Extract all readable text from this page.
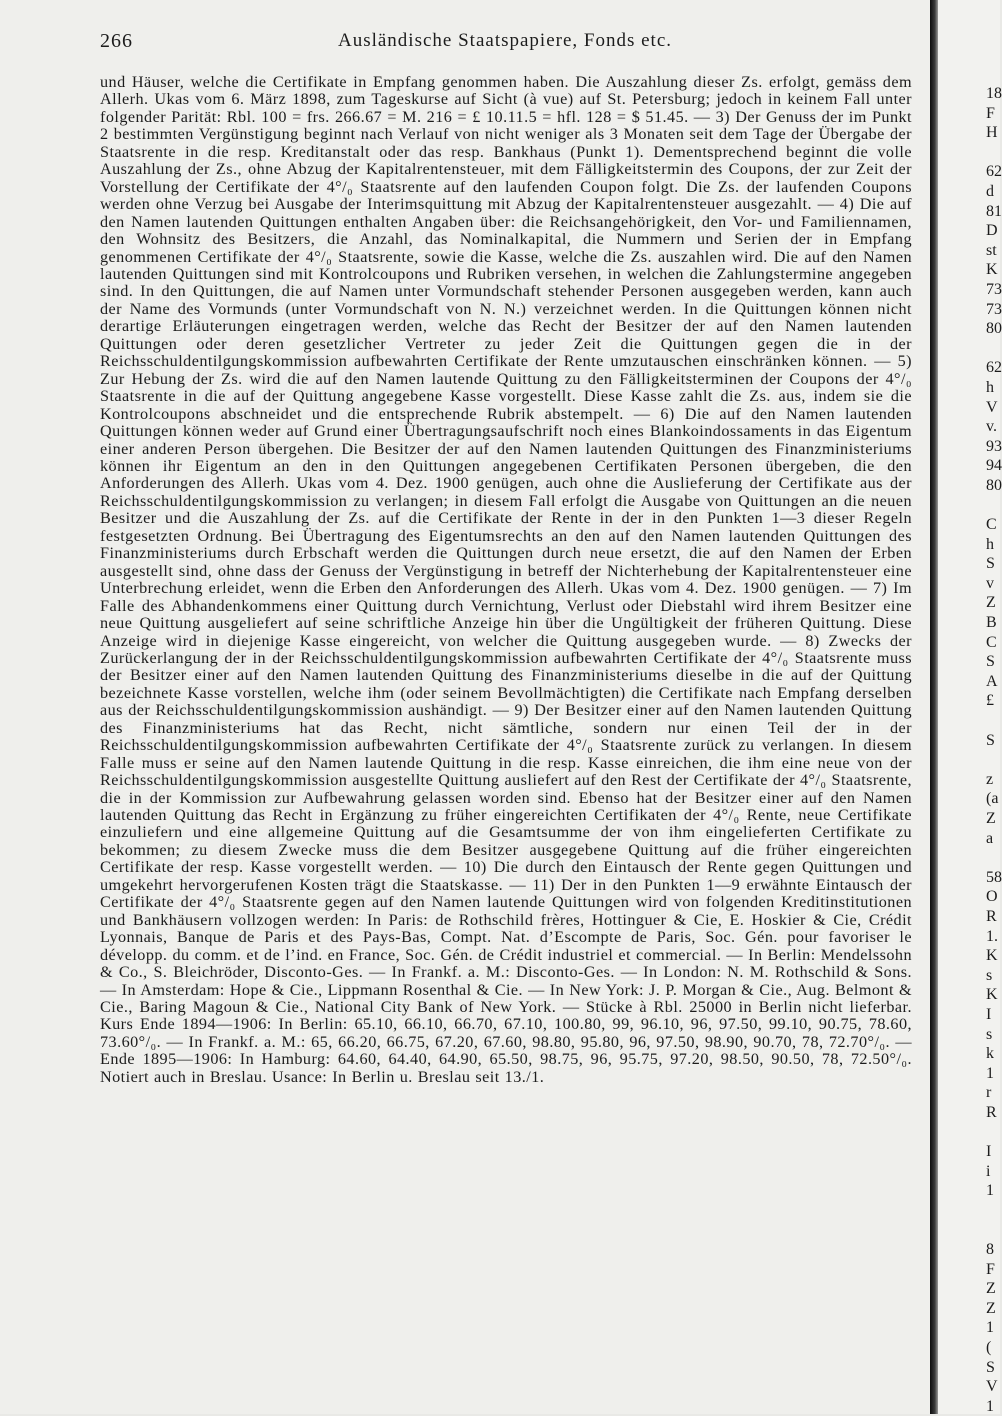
266	Ausländische Staatspapiere, Fonds etc.

und Häuser, welche die Certifikate in Empfang genommen haben. Die Auszahlung dieser Zs. erfolgt, gemäss dem Allerh. Ukas vom 6. März 1898, zum Tageskurse auf Sicht (à vue) auf St. Petersburg; jedoch in keinem Fall unter folgender Parität: Rbl. 100 = frs. 266.67 = M. 216 = £ 10.11.5 = hfl. 128 = $ 51.45. — 3) Der Genuss der im Punkt 2 bestimmten Vergünstigung beginnt nach Verlauf von nicht weniger als 3 Monaten seit dem Tage der Übergabe der Staatsrente in die resp. Kreditanstalt oder das resp. Bankhaus (Punkt 1). Dementsprechend beginnt die volle Auszahlung der Zs., ohne Abzug der Kapitalrentensteuer, mit dem Fälligkeitstermin des Coupons, der zur Zeit der Vorstellung der Certifikate der 4°/₀ Staatsrente auf den laufenden Coupon folgt. Die Zs. der laufenden Coupons werden ohne Verzug bei Ausgabe der Interimsquittung mit Abzug der Kapitalrentensteuer ausgezahlt. — 4) Die auf den Namen lautenden Quittungen enthalten Angaben über: die Reichsangehörigkeit, den Vor- und Familiennamen, den Wohnsitz des Besitzers, die Anzahl, das Nominalkapital, die Nummern und Serien der in Empfang genommenen Certifikate der 4°/₀ Staatsrente, sowie die Kasse, welche die Zs. auszahlen wird. Die auf den Namen lautenden Quittungen sind mit Kontrolcoupons und Rubriken versehen, in welchen die Zahlungstermine angegeben sind. In den Quittungen, die auf Namen unter Vormundschaft stehender Personen ausgegeben werden, kann auch der Name des Vormunds (unter Vormundschaft von N. N.) verzeichnet werden. In die Quittungen können nicht derartige Erläuterungen eingetragen werden, welche das Recht der Besitzer der auf den Namen lautenden Quittungen oder deren gesetzlicher Vertreter zu jeder Zeit die Quittungen gegen die in der Reichsschuldentilgungskommission aufbewahrten Certifikate der Rente umzutauschen einschränken können. — 5) Zur Hebung der Zs. wird die auf den Namen lautende Quittung zu den Fälligkeitsterminen der Coupons der 4°/₀ Staatsrente in die auf der Quittung angegebene Kasse vorgestellt. Diese Kasse zahlt die Zs. aus, indem sie die Kontrolcoupons abschneidet und die entsprechende Rubrik abstempelt. — 6) Die auf den Namen lautenden Quittungen können weder auf Grund einer Übertragungsaufschrift noch eines Blankoindossaments in das Eigentum einer anderen Person übergehen. Die Besitzer der auf den Namen lautenden Quittungen des Finanzministeriums können ihr Eigentum an den in den Quittungen angegebenen Certifikaten Personen übergeben, die den Anforderungen des Allerh. Ukas vom 4. Dez. 1900 genügen, auch ohne die Auslieferung der Certifikate aus der Reichsschuldentilgungskommission zu verlangen; in diesem Fall erfolgt die Ausgabe von Quittungen an die neuen Besitzer und die Auszahlung der Zs. auf die Certifikate der Rente in der in den Punkten 1—3 dieser Regeln festgesetzten Ordnung. Bei Übertragung des Eigentumsrechts an den auf den Namen lautenden Quittungen des Finanzministeriums durch Erbschaft werden die Quittungen durch neue ersetzt, die auf den Namen der Erben ausgestellt sind, ohne dass der Genuss der Vergünstigung in betreff der Nichterhebung der Kapitalrentensteuer eine Unterbrechung erleidet, wenn die Erben den Anforderungen des Allerh. Ukas vom 4. Dez. 1900 genügen. — 7) Im Falle des Abhandenkommens einer Quittung durch Vernichtung, Verlust oder Diebstahl wird ihrem Besitzer eine neue Quittung ausgeliefert auf seine schriftliche Anzeige hin über die Ungültigkeit der früheren Quittung. Diese Anzeige wird in diejenige Kasse eingereicht, von welcher die Quittung ausgegeben wurde. — 8) Zwecks der Zurückerlangung der in der Reichsschuldentilgungskommission aufbewahrten Certifikate der 4°/₀ Staatsrente muss der Besitzer einer auf den Namen lautenden Quittung des Finanzministeriums dieselbe in die auf der Quittung bezeichnete Kasse vorstellen, welche ihm (oder seinem Bevollmächtigten) die Certifikate nach Empfang derselben aus der Reichsschuldentilgungskommission aushändigt. — 9) Der Besitzer einer auf den Namen lautenden Quittung des Finanzministeriums hat das Recht, nicht sämtliche, sondern nur einen Teil der in der Reichsschuldentilgungskommission aufbewahrten Certifikate der 4°/₀ Staatsrente zurück zu verlangen. In diesem Falle muss er seine auf den Namen lautende Quittung in die resp. Kasse einreichen, die ihm eine neue von der Reichsschuldentilgungskommission ausgestellte Quittung ausliefert auf den Rest der Certifikate der 4°/₀ Staatsrente, die in der Kommission zur Aufbewahrung gelassen worden sind. Ebenso hat der Besitzer einer auf den Namen lautenden Quittung das Recht in Ergänzung zu früher eingereichten Certifikaten der 4°/₀ Rente, neue Certifikate einzuliefern und eine allgemeine Quittung auf die Gesamtsumme der von ihm eingelieferten Certifikate zu bekommen; zu diesem Zwecke muss die dem Besitzer ausgegebene Quittung auf die früher eingereichten Certifikate der resp. Kasse vorgestellt werden. — 10) Die durch den Eintausch der Rente gegen Quittungen und umgekehrt hervorgerufenen Kosten trägt die Staatskasse. — 11) Der in den Punkten 1—9 erwähnte Eintausch der Certifikate der 4°/₀ Staatsrente gegen auf den Namen lautende Quittungen wird von folgenden Kreditinstitutionen und Bankhäusern vollzogen werden: In Paris: de Rothschild frères, Hottinguer & Cie, E. Hoskier & Cie, Crédit Lyonnais, Banque de Paris et des Pays-Bas, Compt. Nat. d’Escompte de Paris, Soc. Gén. pour favoriser le développ. du comm. et de l’ind. en France, Soc. Gén. de Crédit industriel et commercial. — In Berlin: Mendelssohn & Co., S. Bleichröder, Disconto-Ges. — In Frankf. a. M.: Disconto-Ges. — In London: N. M. Rothschild & Sons. — In Amsterdam: Hope & Cie., Lippmann Rosenthal & Cie. — In New York: J. P. Morgan & Cie., Aug. Belmont & Cie., Baring Magoun & Cie., National City Bank of New York. — Stücke à Rbl. 25000 in Berlin nicht lieferbar. Kurs Ende 1894—1906: In Berlin: 65.10, 66.10, 66.70, 67.10, 100.80, 99, 96.10, 96, 97.50, 99.10, 90.75, 78.60, 73.60°/₀. — In Frankf. a. M.: 65, 66.20, 66.75, 67.20, 67.60, 98.80, 95.80, 96, 97.50, 98.90, 90.70, 78, 72.70°/₀. — Ende 1895—1906: In Hamburg: 64.60, 64.40, 64.90, 65.50, 98.75, 96, 95.75, 97.20, 98.50, 90.50, 78, 72.50°/₀. Notiert auch in Breslau. Usance: In Berlin u. Breslau seit 13./1.

18
F
H

62
d
81
D
st
K
73
73
80

62
h
V
v.
93
94
80

C
h
S
v
Z
B
C
S
A
£

S

z
(a
Z
a

58
O
R
1.
K
s
K
I
s
k
1
r
R

I
i
1

8
F
Z
Z
1
(
S
V
1
